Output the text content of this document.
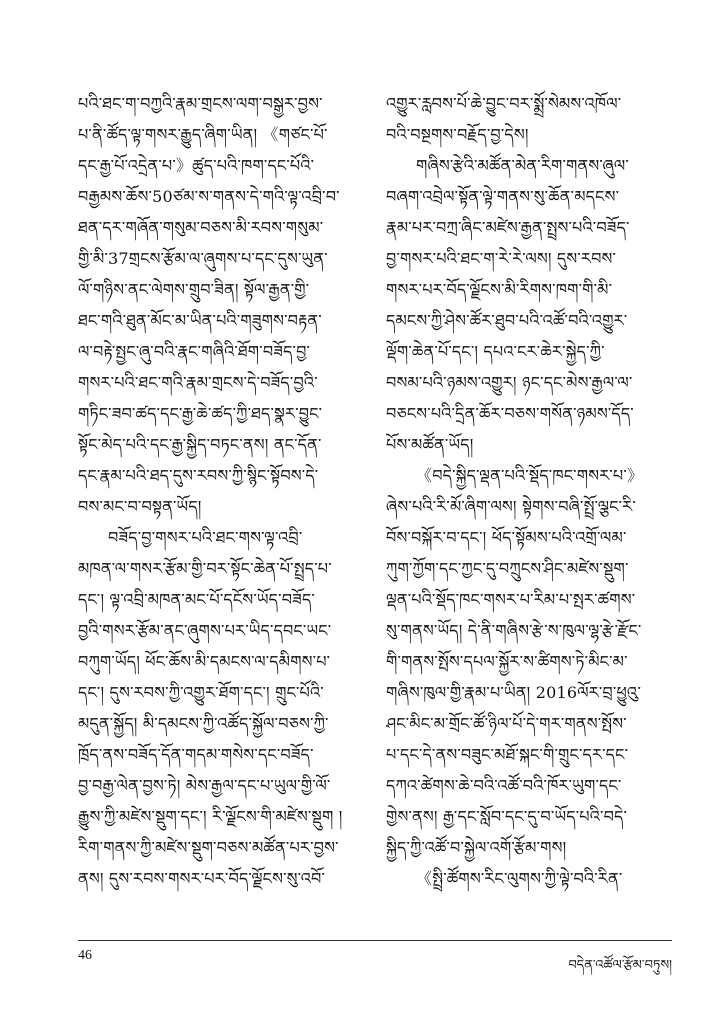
པའི་ཐང་ག་བཀྱའི་རྣམ་གྲངས་ལག་བསྒྱར་བྱས་
པ་ནི་ཚོད་ལྟ་གསར་རྒྱུད་ཞིག་ཡིན། 《གཙང་པོ་
དང་རྒྱ་པོ་འདྲེན་པ་》ཚུད་པའི་ཁག་དང་པོའི་
བརྒྱམས་ཆོས་50ཙམ་ས་གནས་དེ་གའི་ལྟ་འབྲི་བ་
ཐན་དར་གཞོན་གསུམ་བཅས་མི་རབས་གསུམ་
གྱི་མི་37གྲངས་རྩོམ་ལ་ཞུགས་པ་དང་དུས་ཡུན་
ལོ་གཉིས་ནང་ལེགས་གྲུབ་ཟིན། སྟོལ་རྒྱན་གྱི་
ཐང་གའི་ཐུན་མོང་མ་ཡིན་པའི་གཟུགས་བརྟན་
ལ་བརྟེ་སྤྱང་ཞུ་བའི་རྣང་གཞིའི་ཐོག་བཟོད་བྱ་
གསར་པའི་ཐང་གའི་རྣམ་གྲངས་དེ་བཟོད་བྱའི་
གཏིང་ཟབ་ཚད་དང་རྒྱ་ཆེ་ཚད་ཀྱི་ཐད་སྣར་བྱུང་
སྟོང་མེད་པའི་དང་རྒྱ་སྐྱིད་བཏང་ནས། ནང་དོན་
དང་རྣམ་པའི་ཐད་དུས་རབས་ཀྱི་སྙིང་སྟོབས་དེ་
བས་མང་བ་བསྟན་ཡོད།
བཟོད་བྱ་གསར་པའི་ཐང་གས་ལྟ་འབྲི་
མཁན་ལ་གསར་རྩོམ་གྱི་བར་སྟོང་ཆེན་པོ་སྤྲད་པ་
དང་། ལྟ་འབྲི་མཁན་མང་པོ་དངོས་ཡོད་བཟོད་
བྱའི་གསར་རྩོམ་ནང་ཞུགས་པར་ཡིད་དབང་ཡང་
བཀུག་ཡོད། ཕོང་ཆོས་མི་དམངས་ལ་དམིགས་པ་
དང་། དུས་རབས་ཀྱི་འགྱུར་ཐོག་དང་། གྲུང་པོའི་
མདུན་སྐྱོད། མི་དམངས་ཀྱི་འཚོད་སྐྱོལ་བཅས་ཀྱི་
ཁྲོད་ནས་བཟོད་དོན་གདམ་གསེས་དང་བཟོད་
བྱ་བརྒྱ་ལེན་བྱས་ཏེ། མེས་རྒྱལ་དང་པ་ཡུལ་གྱི་ལོ་
རྒྱུས་ཀྱི་མཛེས་སྡུག་དང་། རི་ལྗོངས་གི་མཛེས་སྡུག །
རིག་གནས་ཀྱི་མཛེས་སྡུག་བཅས་མཚོན་པར་བྱས་
ནས། དུས་རབས་གསར་པར་བོད་ལྗོངས་སུ་འབོ་
འགྱུར་རླབས་པོ་ཆེ་བྱུང་བར་སྨྲོ་སེམས་འཁོལ་
བའི་བསྔགས་བརྗོད་བྱ་དེས།
གཞིས་རྩེའི་མཚོན་མེན་རིག་གནས་ཞུལ་
བཞག་འབྲེལ་སྟོན་ལྟེ་གནས་སུ་ཆོན་མདངས་
རྣམ་པར་བཀྲ་ཞིང་མཛེས་རྒྱན་སྤྲས་པའི་བཟོད་
བྱ་གསར་པའི་ཐང་ག་རེ་རེ་ལས། དུས་རབས་
གསར་པར་བོད་ལྗོངས་མི་རིགས་ཁག་གི་མི་
དམངས་ཀྱི་ཤེས་ཚོར་ཐུབ་པའི་འཚོ་བའི་འགྱུར་
ལྡོག་ཆེན་པོ་དང་། དཔའ་ངར་ཆེར་སྐྱེད་ཀྱི་
བསམ་པའི་ཉམས་འགྱུར། ཉང་དང་མེས་རྒྱལ་ལ་
བཅངས་པའི་དྲིན་ཆོར་བཅས་གསོན་ཉམས་དོད་
པོས་མཚོན་ཡོད།
《བདེ་སྐྱིད་ལྡན་པའི་སྡོད་ཁང་གསར་པ་》
ཞེས་པའི་རི་མོ་ཞིག་ལས། སྟེགས་བཞི་སྤྲོ་ལྕང་རི་
བོས་བསྐོར་བ་དང་། ཕོད་སྟོམས་པའི་འགྲོ་ལམ་
ཀུག་ཀྱོག་དང་ཀྱང་དུ་བཀྲུངས་ཤིང་མཛེས་སྡུག་
ལྡན་པའི་སྡོད་ཁང་གསར་པ་རིམ་པ་སྤར་ཚགས་
སུ་གནས་ཡོད། དེ་ནི་གཞིས་རྩེ་ས་ཁུལ་ལྷ་རྩེ་རྫོང་
གི་གནས་སྤོས་དཔལ་སྐྱོར་ས་ཚིགས་ཏེ་མིང་མ་
གཞིས་ཁུལ་གྱི་རྣམ་པ་ཡིན། 2016ལོར་བྲ་ཕྱུའུ་
ཤང་མིང་མ་གྲོང་ཚོ་ཉིལ་པོ་དེ་གར་གནས་སྤོས་
པ་དང་དེ་ནས་བཟུང་མཐོ་སྐང་གི་གྲུང་དར་དང་
དཀའ་ཚེགས་ཆེ་བའི་འཚོ་བའི་ཁོར་ཡུག་དང་
གྱེས་ནས། རྒྱ་དང་སློབ་དང་དུ་བ་ཡོད་པའི་བདེ་
སྐྱིད་ཀྱི་འཚོ་བ་སྐྱེལ་འགོ་རྩོམ་གས།
《སྤྲི་ཚོགས་རིང་ལུགས་ཀྱི་ལྟེ་བའི་རིན་
46
བདེན་འཚོལ་རྩོམ་བཏུས།
